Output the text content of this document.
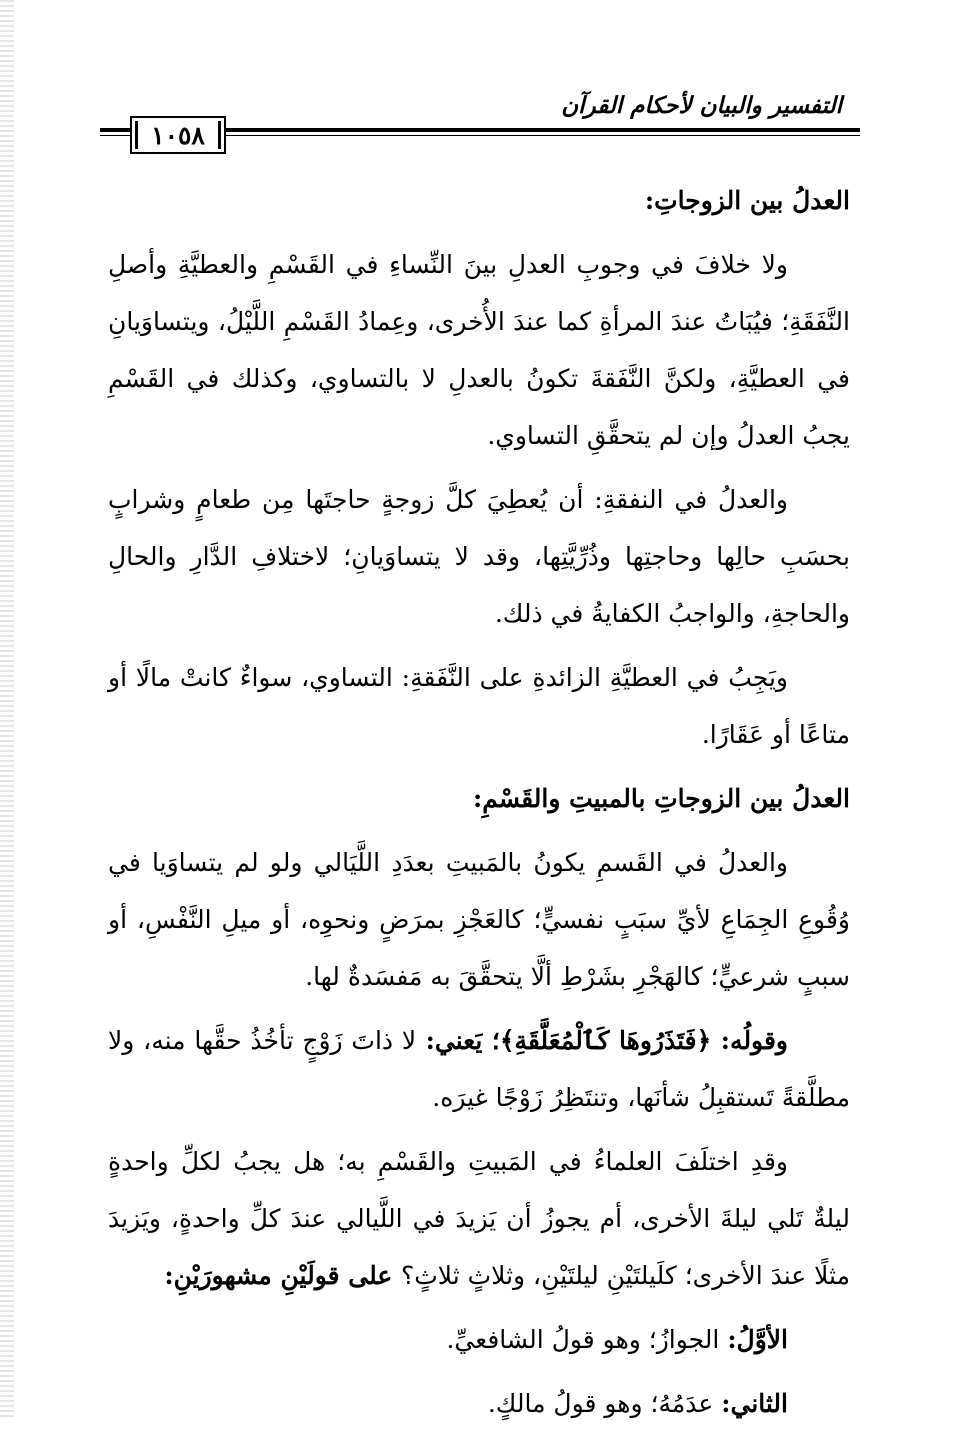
التفسير والبيان لأحكام القرآن
١٠٥٨

العدلُ بين الزوجاتِ:

ولا خلافَ في وجوبِ العدلِ بينَ النِّساءِ في القَسْمِ والعطيَّةِ وأصلِ النَّفَقَةِ؛ فيُبَاتُ عندَ المرأةِ كما عندَ الأُخرى، وعِمادُ القَسْمِ اللَّيْلُ، ويتساوَيانِ في العطيَّةِ، ولكنَّ النَّفَقةَ تكونُ بالعدلِ لا بالتساوي، وكذلك في القَسْمِ يجبُ العدلُ وإن لم يتحقَّقِ التساوي.

والعدلُ في النفقةِ: أن يُعطِيَ كلَّ زوجةٍ حاجتَها مِن طعامٍ وشرابٍ بحسَبِ حالِها وحاجتِها وذُرِّيَّتِها، وقد لا يتساوَيانِ؛ لاختلافِ الدَّارِ والحالِ والحاجةِ، والواجبُ الكفايةُ في ذلك.

ويَجِبُ في العطيَّةِ الزائدةِ على النَّفَقةِ: التساوي، سواءٌ كانتْ مالًا أو متاعًا أو عَقَارًا.

العدلُ بين الزوجاتِ بالمبيتِ والقَسْمِ:

والعدلُ في القَسمِ يكونُ بالمَبيتِ بعدَدِ اللَّيَالي ولو لم يتساوَيا في وُقُوعِ الجِمَاعِ لأيِّ سبَبٍ نفسيٍّ؛ كالعَجْزِ بمرَضٍ ونحوِه، أو ميلِ النَّفْسِ، أو سببٍ شرعيٍّ؛ كالهَجْرِ بشَرْطِ ألَّا يتحقَّقَ به مَفسَدةٌ لها.

وقولُه: ﴿فَتَذَرُوهَا كَٱلْمُعَلَّقَةِ﴾؛ يَعني: لا ذاتَ زَوْجٍ تأخُذُ حقَّها منه، ولا مطلَّقةً تَستقبِلُ شأنَها، وتنتَظِرُ زَوْجًا غيرَه.

وقدِ اختلَفَ العلماءُ في المَبيتِ والقَسْمِ به؛ هل يجبُ لكلِّ واحدةٍ ليلةٌ تَلي ليلةَ الأخرى، أم يجوزُ أن يَزيدَ في اللَّيالي عندَ كلِّ واحدةٍ، ويَزيدَ مثلًا عندَ الأخرى؛ كلَيلتَيْنِ ليلتَيْنِ، وثلاثٍ ثلاثٍ؟ على قولَيْنِ مشهورَيْنِ:

الأوَّلُ: الجوازُ؛ وهو قولُ الشافعيِّ.

الثاني: عدَمُهُ؛ وهو قولُ مالكٍ.
